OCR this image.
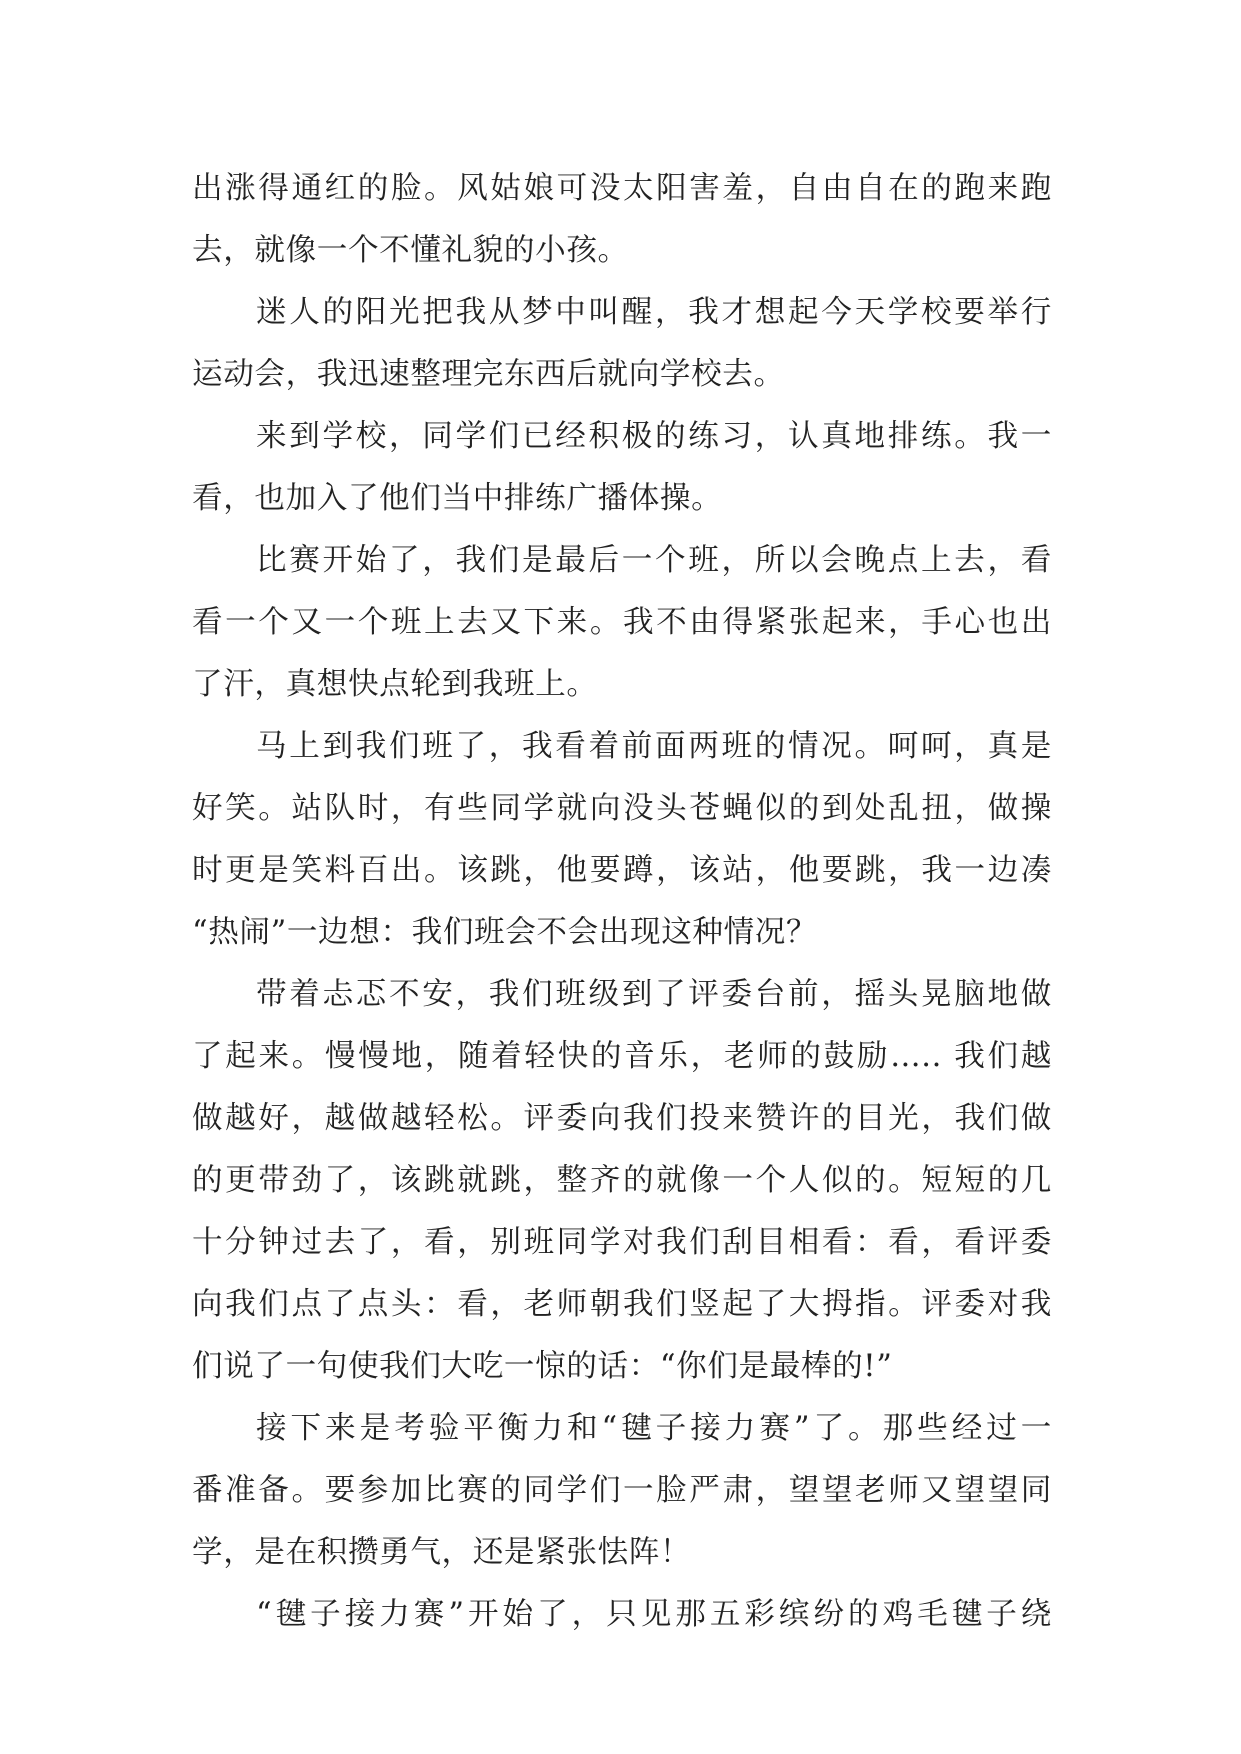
出涨得通红的脸。风姑娘可没太阳害羞，自由自在的跑来跑
去，就像一个不懂礼貌的小孩。
迷人的阳光把我从梦中叫醒，我才想起今天学校要举行
运动会，我迅速整理完东西后就向学校去。
来到学校，同学们已经积极的练习，认真地排练。我一
看，也加入了他们当中排练广播体操。
比赛开始了，我们是最后一个班，所以会晚点上去，看
看一个又一个班上去又下来。我不由得紧张起来，手心也出
了汗，真想快点轮到我班上。
马上到我们班了，我看着前面两班的情况。呵呵，真是
好笑。站队时，有些同学就向没头苍蝇似的到处乱扭，做操
时更是笑料百出。该跳，他要蹲，该站，他要跳，我一边凑
“热闹”一边想：我们班会不会出现这种情况？
带着忐忑不安，我们班级到了评委台前，摇头晃脑地做
了起来。慢慢地，随着轻快的音乐，老师的鼓励….. 我们越
做越好，越做越轻松。评委向我们投来赞许的目光，我们做
的更带劲了，该跳就跳，整齐的就像一个人似的。短短的几
十分钟过去了，看，别班同学对我们刮目相看：看，看评委
向我们点了点头：看，老师朝我们竖起了大拇指。评委对我
们说了一句使我们大吃一惊的话：“你们是最棒的!”
接下来是考验平衡力和“毽子接力赛”了。那些经过一
番准备。要参加比赛的同学们一脸严肃，望望老师又望望同
学，是在积攒勇气，还是紧张怯阵！
“毽子接力赛”开始了，只见那五彩缤纷的鸡毛毽子绕
